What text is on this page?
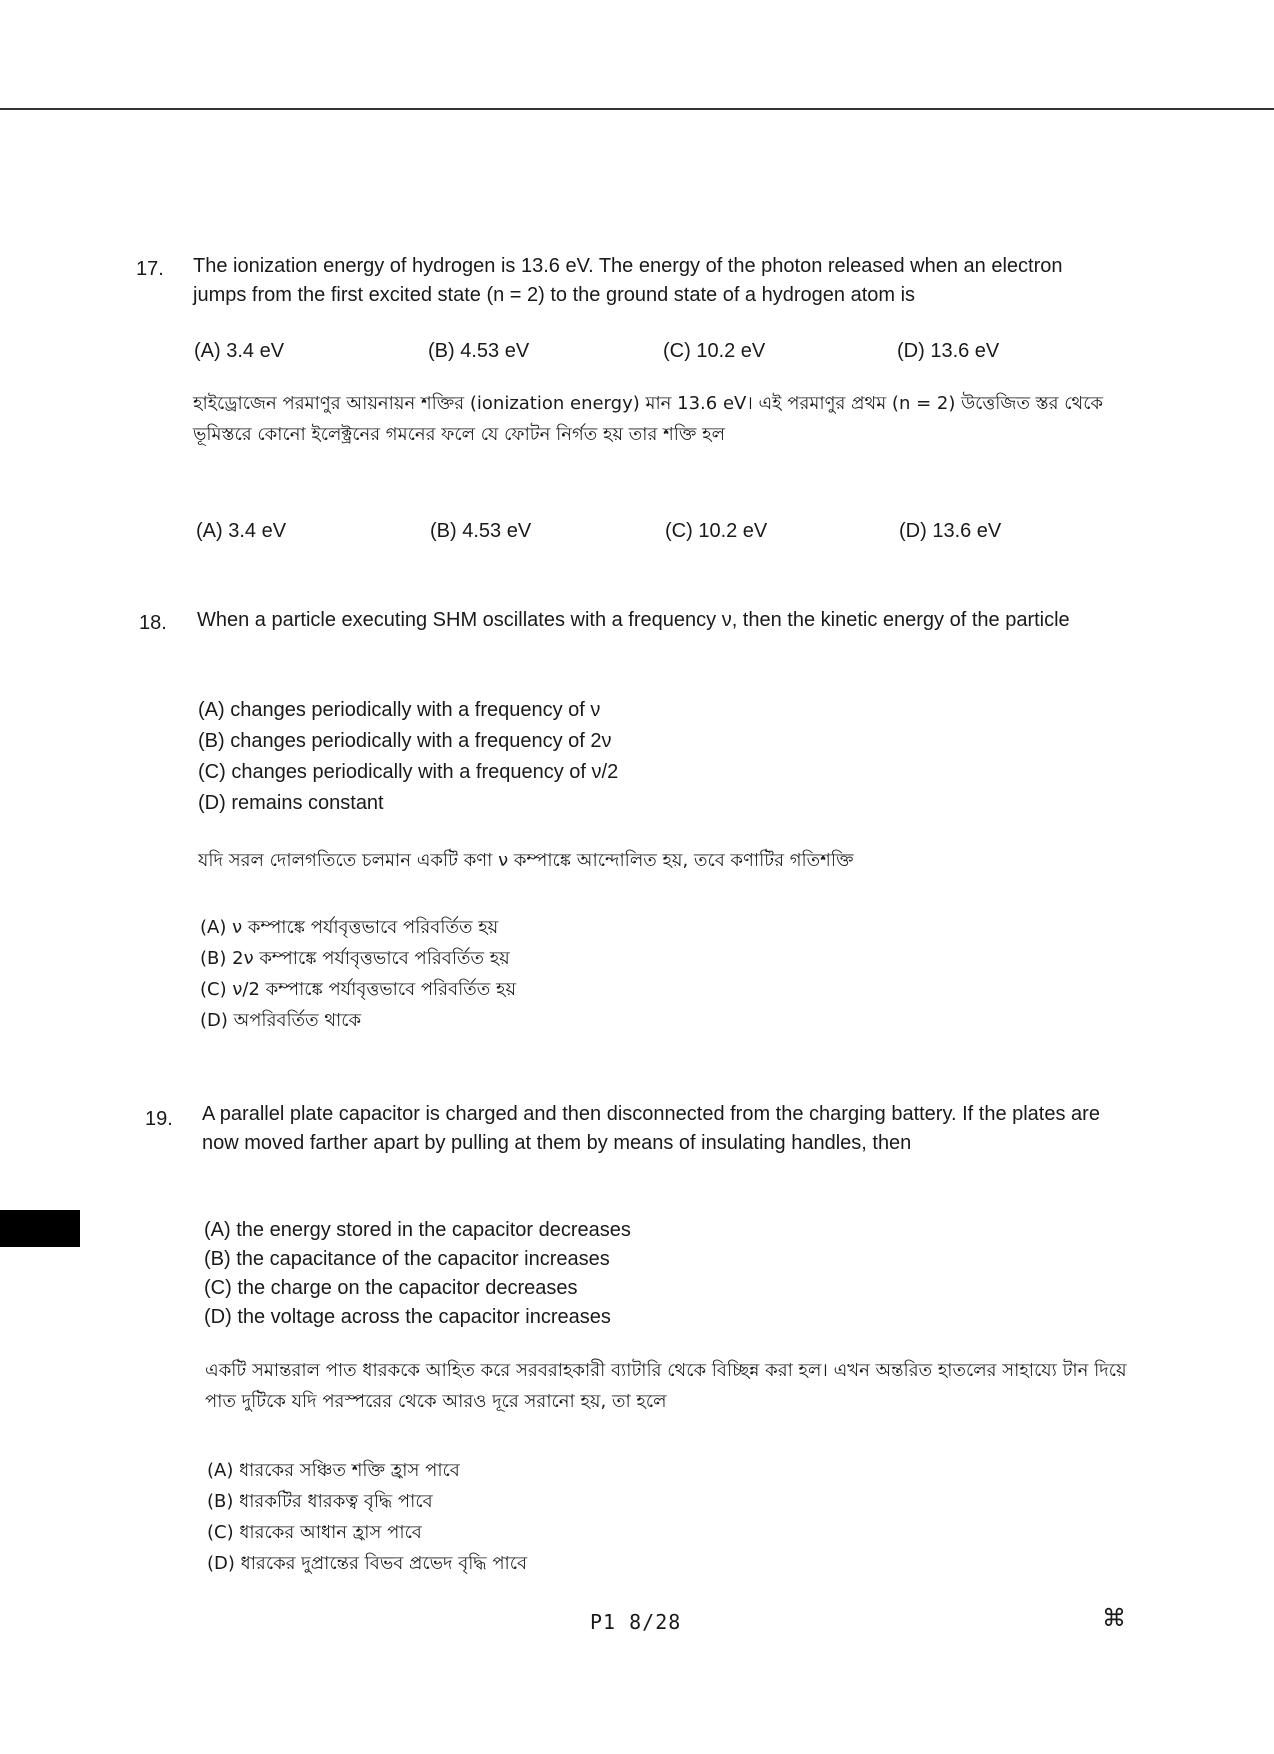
17. The ionization energy of hydrogen is 13.6 eV. The energy of the photon released when an electron jumps from the first excited state (n = 2) to the ground state of a hydrogen atom is
(A) 3.4 eV	(B) 4.53 eV	(C) 10.2 eV	(D) 13.6 eV
হাইড্রোজেন পরমাণুর আয়নায়ন শক্তির (ionization energy) মান 13.6 eV। এই পরমাণুর প্রথম (n = 2) উত্তেজিত স্তর থেকে ভূমিস্তরে কোনো ইলেক্ট্রনের গমনের ফলে যে ফোটন নির্গত হয় তার শক্তি হল
(A) 3.4 eV	(B) 4.53 eV	(C) 10.2 eV	(D) 13.6 eV
18. When a particle executing SHM oscillates with a frequency ν, then the kinetic energy of the particle
(A) changes periodically with a frequency of ν
(B) changes periodically with a frequency of 2ν
(C) changes periodically with a frequency of ν/2
(D) remains constant
যদি সরল দোলগতিতে চলমান একটি কণা ν কম্পাঙ্কে আন্দোলিত হয়, তবে কণাটির গতিশক্তি
(A) ν কম্পাঙ্কে পর্যাবৃত্তভাবে পরিবর্তিত হয়
(B) 2ν কম্পাঙ্কে পর্যাবৃত্তভাবে পরিবর্তিত হয়
(C) ν/2 কম্পাঙ্কে পর্যাবৃত্তভাবে পরিবর্তিত হয়
(D) অপরিবর্তিত থাকে
19. A parallel plate capacitor is charged and then disconnected from the charging battery. If the plates are now moved farther apart by pulling at them by means of insulating handles, then
(A) the energy stored in the capacitor decreases
(B) the capacitance of the capacitor increases
(C) the charge on the capacitor decreases
(D) the voltage across the capacitor increases
একটি সমান্তরাল পাত ধারককে আহিত করে সরবরাহকারী ব্যাটারি থেকে বিচ্ছিন্ন করা হল। এখন অন্তরিত হাতলের সাহায্যে টান দিয়ে পাত দুটিকে যদি পরস্পরের থেকে আরও দূরে সরানো হয়, তা হলে
(A) ধারকের সঞ্চিত শক্তি হ্রাস পাবে
(B) ধারকটির ধারকত্ব বৃদ্ধি পাবে
(C) ধারকের আধান হ্রাস পাবে
(D) ধারকের দুপ্রান্তের বিভব প্রভেদ বৃদ্ধি পাবে
P1 8/28	⌘
